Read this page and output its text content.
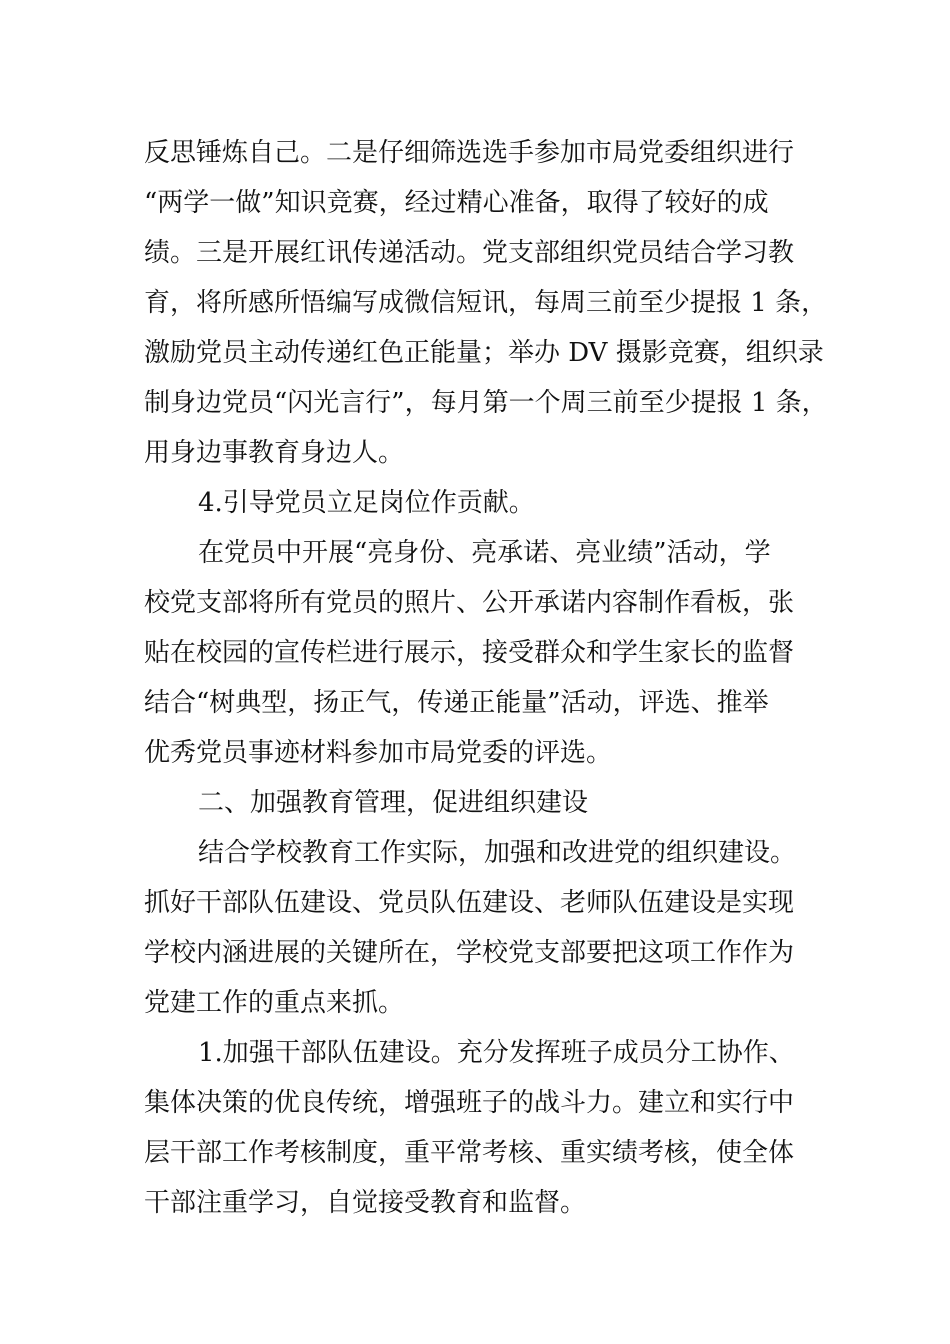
反思锤炼自己。二是仔细筛选选手参加市局党委组织进行
“两学一做”知识竞赛，经过精心准备，取得了较好的成
绩。三是开展红讯传递活动。党支部组织党员结合学习教
育，将所感所悟编写成微信短讯，每周三前至少提报 1 条，
激励党员主动传递红色正能量；举办 DV 摄影竞赛，组织录
制身边党员“闪光言行”，每月第一个周三前至少提报 1 条，
用身边事教育身边人。
4.引导党员立足岗位作贡献。
在党员中开展“亮身份、亮承诺、亮业绩”活动，学
校党支部将所有党员的照片、公开承诺内容制作看板，张
贴在校园的宣传栏进行展示，接受群众和学生家长的监督
结合“树典型，扬正气，传递正能量”活动，评选、推举
优秀党员事迹材料参加市局党委的评选。
二、加强教育管理，促进组织建设
结合学校教育工作实际，加强和改进党的组织建设。
抓好干部队伍建设、党员队伍建设、老师队伍建设是实现
学校内涵进展的关键所在，学校党支部要把这项工作作为
党建工作的重点来抓。
1.加强干部队伍建设。充分发挥班子成员分工协作、
集体决策的优良传统，增强班子的战斗力。建立和实行中
层干部工作考核制度，重平常考核、重实绩考核，使全体
干部注重学习，自觉接受教育和监督。
